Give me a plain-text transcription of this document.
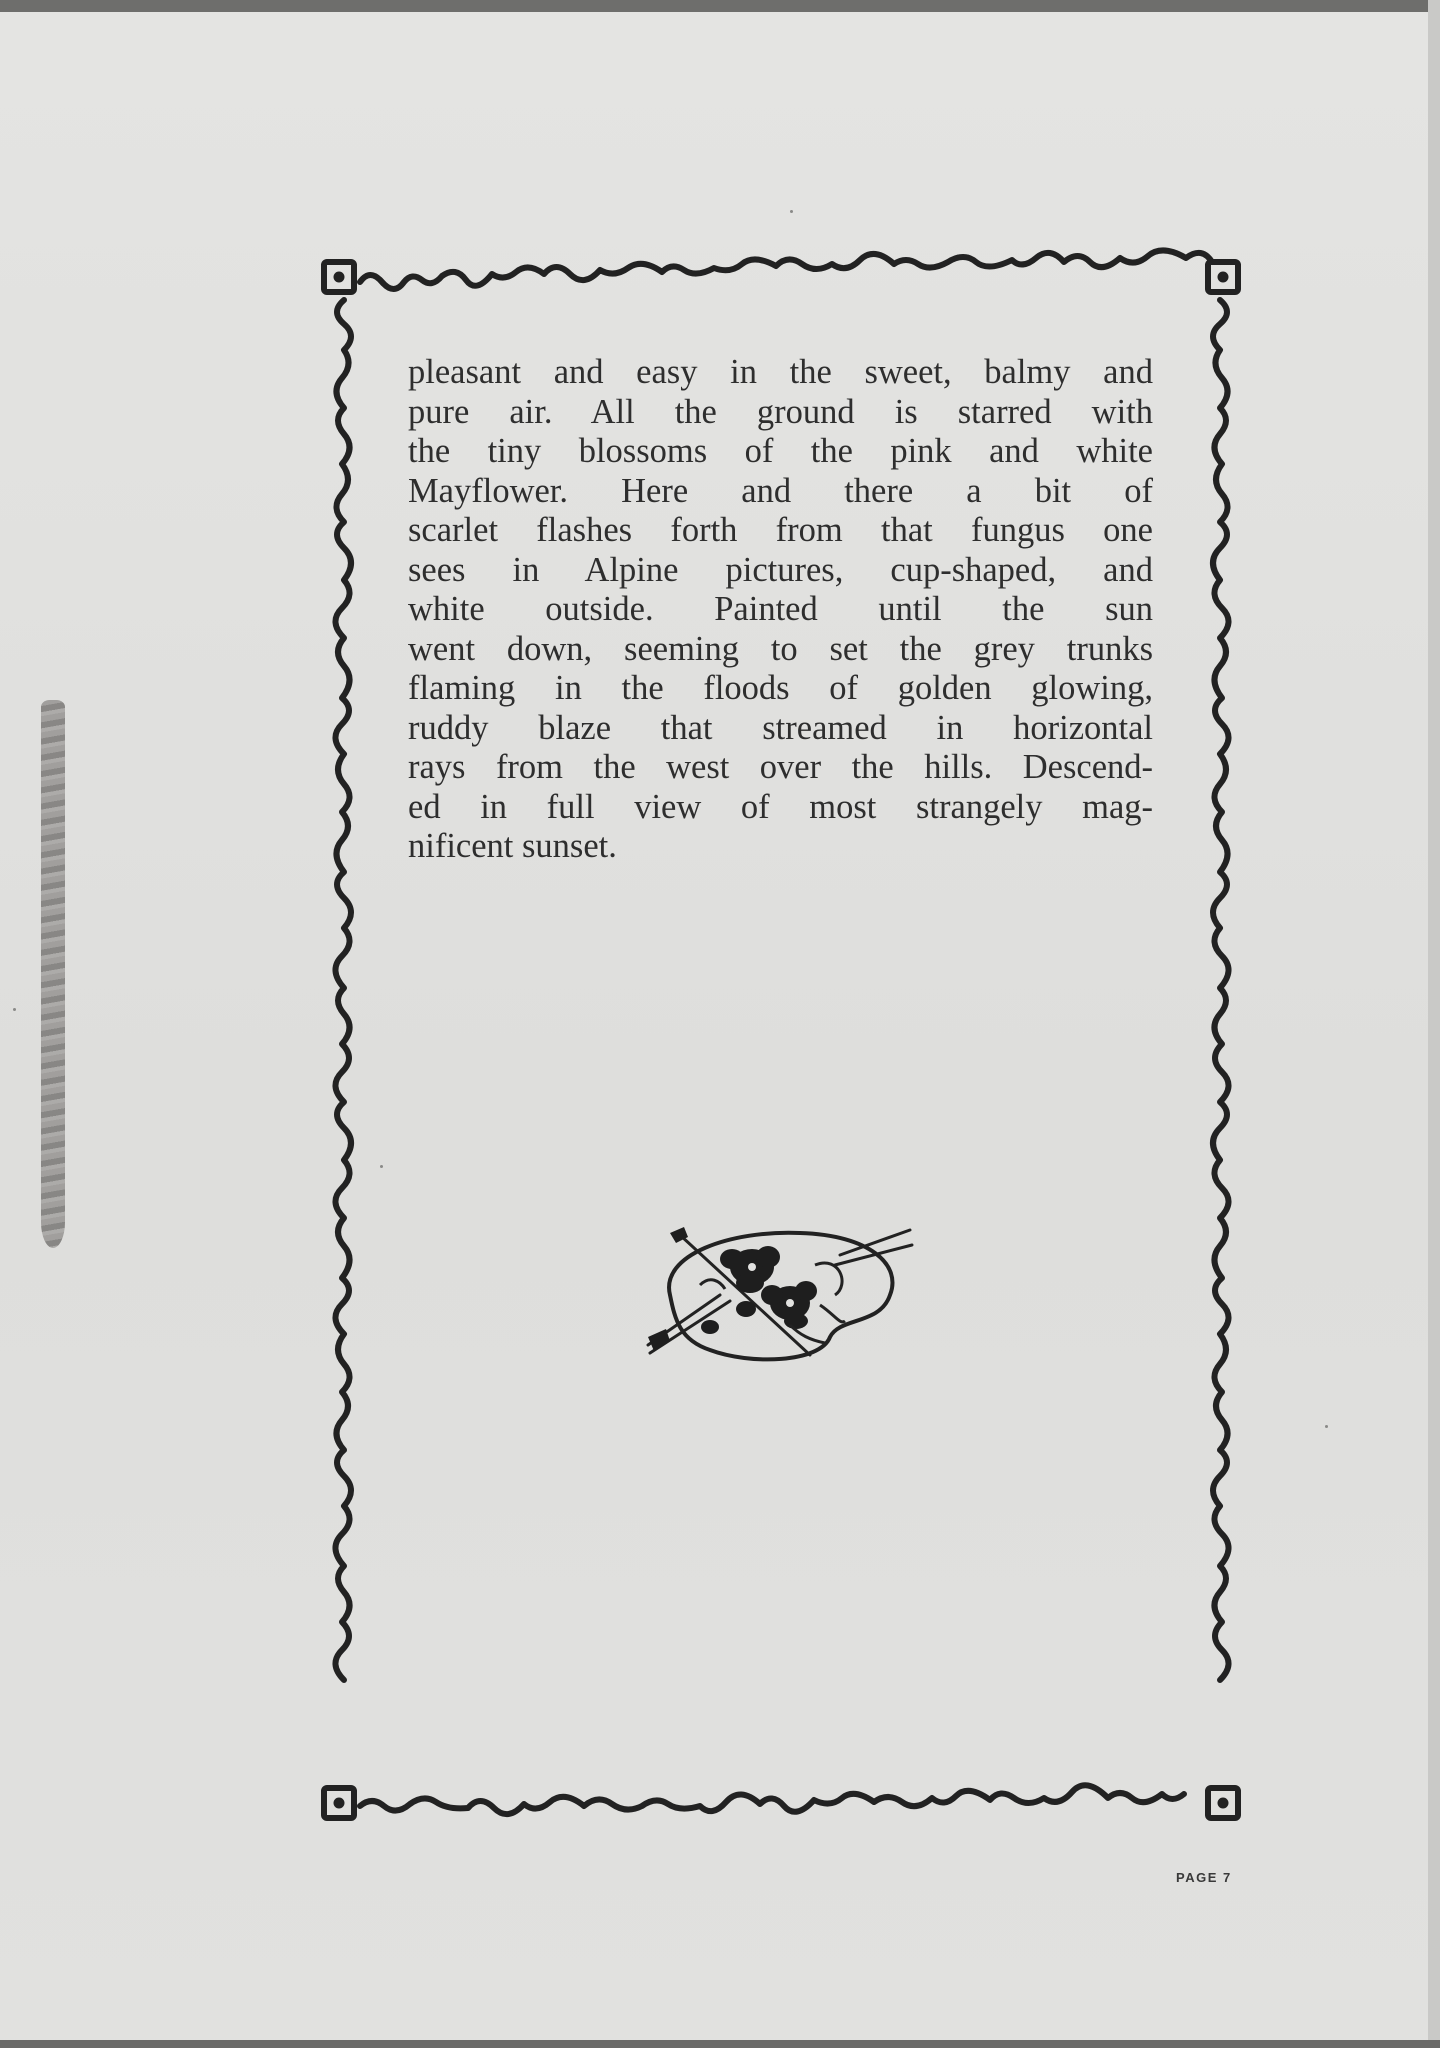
pleasant and easy in the sweet, balmy and
pure air. All the ground is starred with
the tiny blossoms of the pink and white
Mayflower. Here and there a bit of
scarlet flashes forth from that fungus one
sees in Alpine pictures, cup-shaped, and
white outside. Painted until the sun
went down, seeming to set the grey trunks
flaming in the floods of golden glowing,
ruddy blaze that streamed in horizontal
rays from the west over the hills. Descend-
ed in full view of most strangely mag-
nificent sunset.
PAGE 7
